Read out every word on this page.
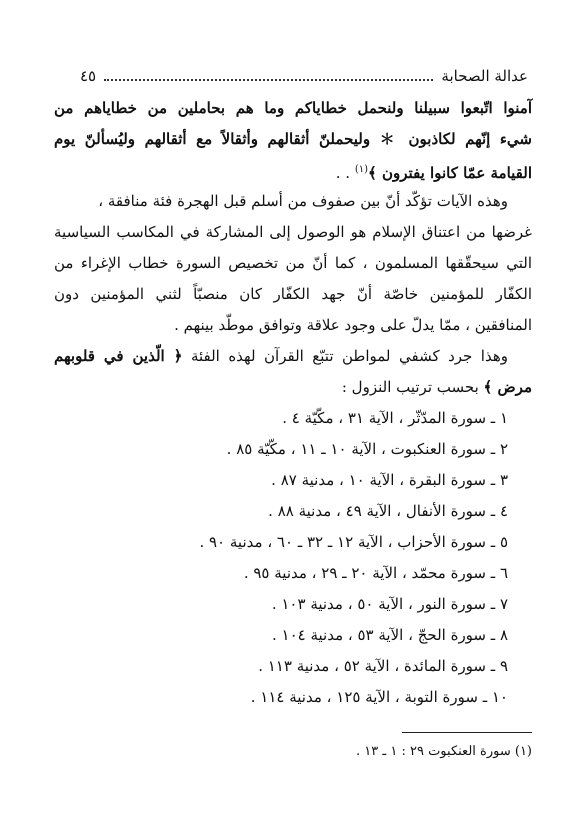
عدالة الصحابة
٤٥
آمنوا اتّبعوا سبيلنا ولنحمل خطاياكم وما هم بحاملين من خطاياهم من
شيء إنّهم لكاذبون ＊ وليحملنّ أثقالهم وأثقالاً مع أثقالهم وليُسألنّ يوم
القيامة عمّا كانوا يفترون ﴾$^{(١)}$ . .
وهذه الآيات تؤكّد أنّ بين صفوف من أسلم قبل الهجرة فئة منافقة ،
غرضها من اعتناق الإسلام هو الوصول إلى المشاركة في المكاسب السياسية
التي سيحقّقها المسلمون ، كما أنّ من تخصيص السورة خطاب الإغراء من
الكفّار للمؤمنين خاصّة أنّ جهد الكفّار كان منصبّاً لثني المؤمنين دون
المنافقين ، ممّا يدلّ على وجود علاقة وتوافق موطّد بينهم .
وهذا جرد كشفي لمواطن تتبّع القرآن لهذه الفئة ﴿ الّذين في قلوبهم
مرض ﴾ بحسب ترتيب النزول :
١ ـ سورة المدّثّر ، الآية ٣١ ، مكّيّة ٤ .
٢ ـ سورة العنكبوت ، الآية ١٠ ـ ١١ ، مكّيّة ٨٥ .
٣ ـ سورة البقرة ، الآية ١٠ ، مدنية ٨٧ .
٤ ـ سورة الأنفال ، الآية ٤٩ ، مدنية ٨٨ .
٥ ـ سورة الأحزاب ، الآية ١٢ ـ ٣٢ ـ ٦٠ ، مدنية ٩٠ .
٦ ـ سورة محمّد ، الآية ٢٠ ـ ٢٩ ، مدنية ٩٥ .
٧ ـ سورة النور ، الآية ٥٠ ، مدنية ١٠٣ .
٨ ـ سورة الحجّ ، الآية ٥٣ ، مدنية ١٠٤ .
٩ ـ سورة المائدة ، الآية ٥٢ ، مدنية ١١٣ .
١٠ ـ سورة التوبة ، الآية ١٢٥ ، مدنية ١١٤ .
(١) سورة العنكبوت ٢٩ : ١ ـ ١٣ .
